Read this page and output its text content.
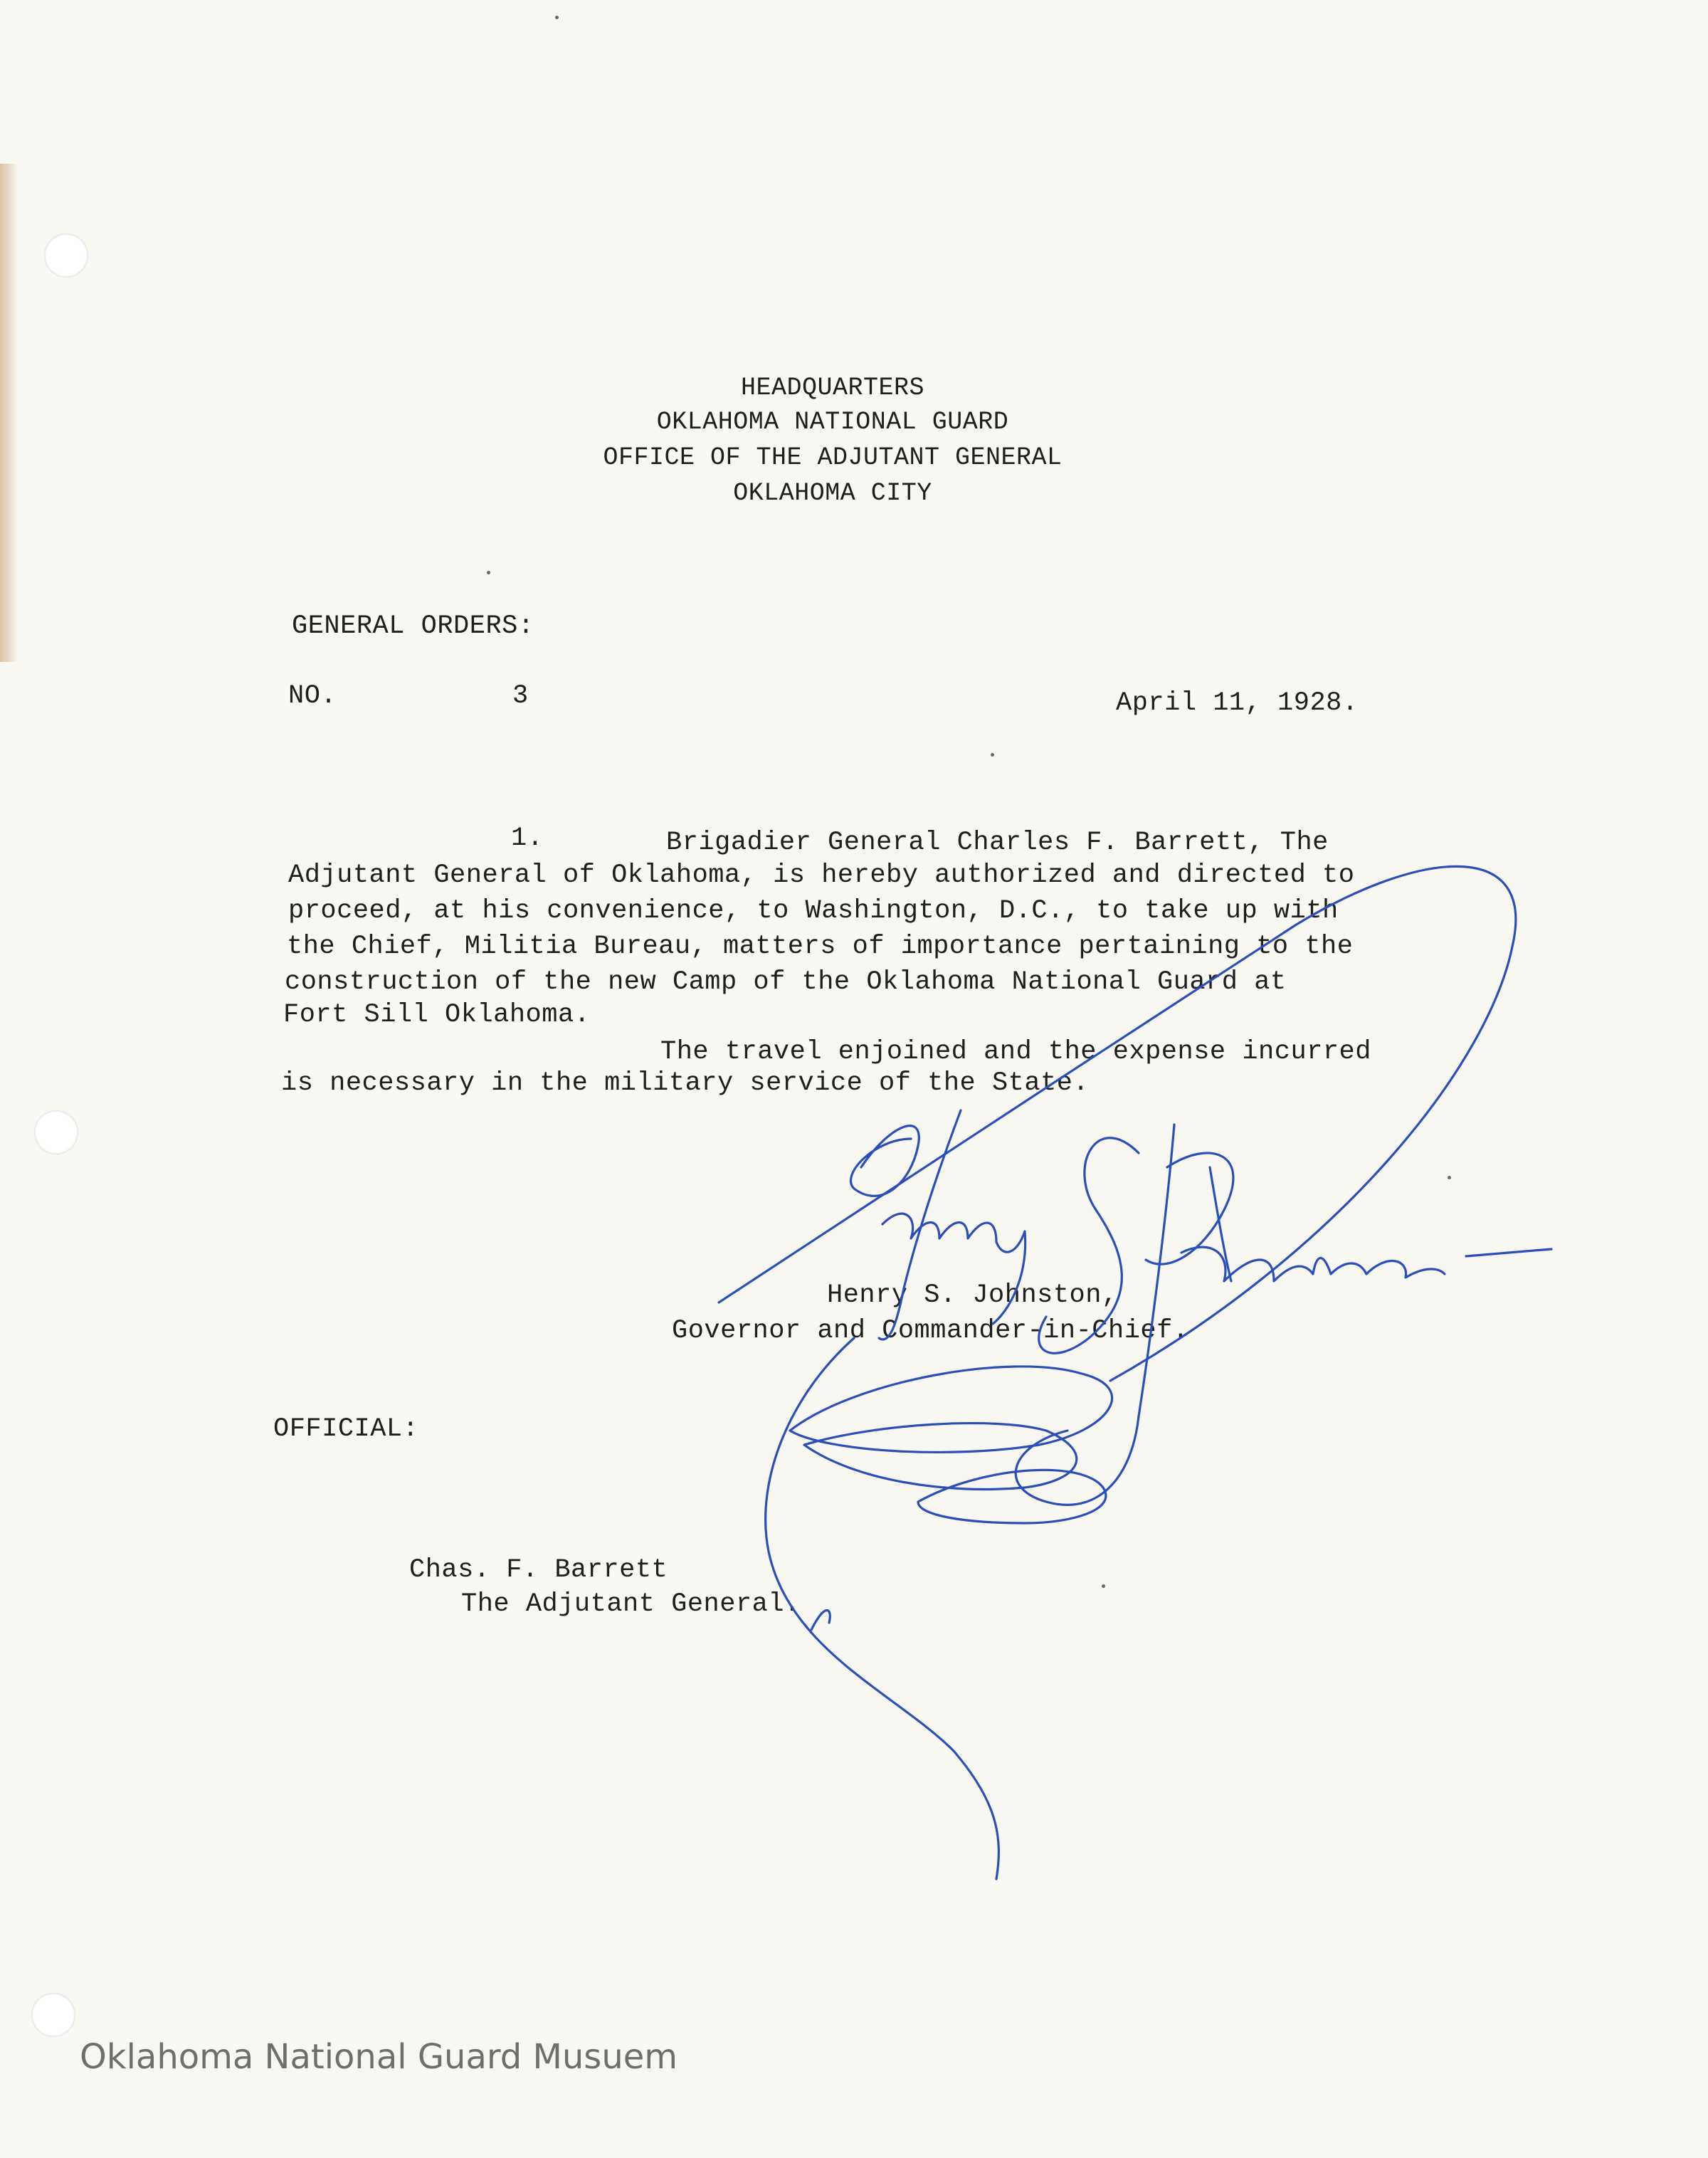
HEADQUARTERS
OKLAHOMA NATIONAL GUARD
OFFICE OF THE ADJUTANT GENERAL
OKLAHOMA CITY
GENERAL ORDERS:
NO.	3	April 11, 1928.
1.	Brigadier General Charles F. Barrett, The
Adjutant General of Oklahoma, is hereby authorized and directed to
proceed, at his convenience, to Washington, D.C., to take up with
the Chief, Militia Bureau, matters of importance pertaining to the
construction of the new Camp of the Oklahoma National Guard at
Fort Sill Oklahoma.
The travel enjoined and the expense incurred
is necessary in the military service of the State.
Henry S. Johnston,
Governor and Commander-in-Chief.
OFFICIAL:
Chas. F. Barrett
The Adjutant General.
Oklahoma National Guard Musuem
